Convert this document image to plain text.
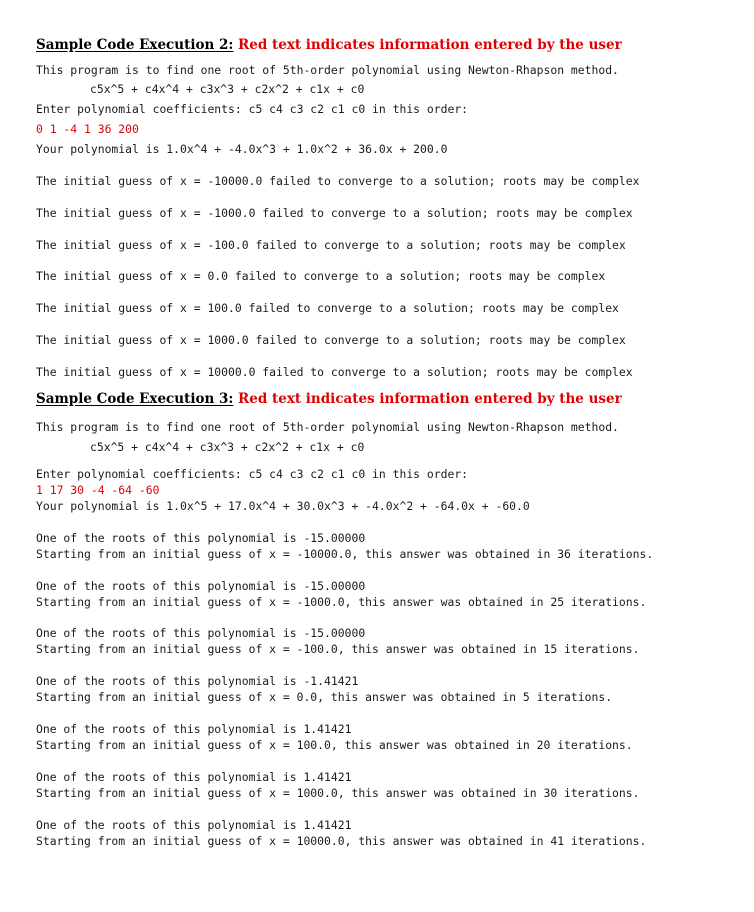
Sample Code Execution 2: Red text indicates information entered by the user
This program is to find one root of 5th-order polynomial using Newton-Rhapson method.
c5x^5 + c4x^4 + c3x^3 + c2x^2 + c1x + c0
Enter polynomial coefficients: c5 c4 c3 c2 c1 c0 in this order:
0 1 -4 1 36 200
Your polynomial is 1.0x^4 + -4.0x^3 + 1.0x^2 + 36.0x + 200.0
The initial guess of x = -10000.0 failed to converge to a solution; roots may be complex
The initial guess of x = -1000.0 failed to converge to a solution; roots may be complex
The initial guess of x = -100.0 failed to converge to a solution; roots may be complex
The initial guess of x = 0.0 failed to converge to a solution; roots may be complex
The initial guess of x = 100.0 failed to converge to a solution; roots may be complex
The initial guess of x = 1000.0 failed to converge to a solution; roots may be complex
The initial guess of x = 10000.0 failed to converge to a solution; roots may be complex
Sample Code Execution 3: Red text indicates information entered by the user
This program is to find one root of 5th-order polynomial using Newton-Rhapson method.
c5x^5 + c4x^4 + c3x^3 + c2x^2 + c1x + c0
Enter polynomial coefficients: c5 c4 c3 c2 c1 c0 in this order:
1 17 30 -4 -64 -60
Your polynomial is 1.0x^5 + 17.0x^4 + 30.0x^3 + -4.0x^2 + -64.0x + -60.0
One of the roots of this polynomial is -15.00000
Starting from an initial guess of x = -10000.0, this answer was obtained in 36 iterations.
One of the roots of this polynomial is -15.00000
Starting from an initial guess of x = -1000.0, this answer was obtained in 25 iterations.
One of the roots of this polynomial is -15.00000
Starting from an initial guess of x = -100.0, this answer was obtained in 15 iterations.
One of the roots of this polynomial is -1.41421
Starting from an initial guess of x = 0.0, this answer was obtained in 5 iterations.
One of the roots of this polynomial is 1.41421
Starting from an initial guess of x = 100.0, this answer was obtained in 20 iterations.
One of the roots of this polynomial is 1.41421
Starting from an initial guess of x = 1000.0, this answer was obtained in 30 iterations.
One of the roots of this polynomial is 1.41421
Starting from an initial guess of x = 10000.0, this answer was obtained in 41 iterations.
